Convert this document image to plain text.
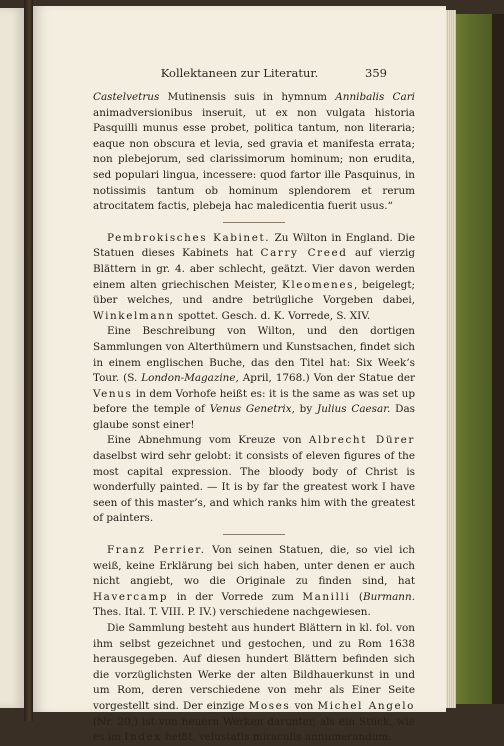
Kollektaneen zur Literatur.	359

Castelvetrus Mutinensis suis in hymnum Annibalis Cari animadversionibus inseruit, ut ex non vulgata historia Pasquilli munus esse probet, politica tantum, non literaria; eaque non obscura et levia, sed gravia et manifesta errata; non plebejorum, sed clarissimorum hominum; non erudita, sed populari lingua, incessere: quod fartor ille Pasquinus, in notissimis tantum ob hominum splendorem et rerum atrocitatem factis, plebeja hac maledicentia fuerit usus.“

Pembrokisches Kabinet. Zu Wilton in England. Die Statuen dieses Kabinets hat Carry Creed auf vierzig Blättern in gr. 4. aber schlecht, geätzt. Vier davon werden einem alten griechischen Meister, Kleomenes, beigelegt; über welches, und andre betrügliche Vorgeben dabei, Winkelmann spottet. Gesch. d. K. Vorrede, S. XIV.

Eine Beschreibung von Wilton, und den dortigen Sammlungen von Alterthümern und Kunstsachen, findet sich in einem englischen Buche, das den Titel hat: Six Week’s Tour. (S. London-Magazine, April, 1768.) Von der Statue der Venus in dem Vorhofe heißt es: it is the same as was set up before the temple of Venus Genetrix, by Julius Caesar. Das glaube sonst einer!

Eine Abnehmung vom Kreuze von Albrecht Dürer daselbst wird sehr gelobt: it consists of eleven figures of the most capital expression. The bloody body of Christ is wonderfully painted. — It is by far the greatest work I have seen of this master’s, and which ranks him with the greatest of painters.

Franz Perrier. Von seinen Statuen, die, so viel ich weiß, keine Erklärung bei sich haben, unter denen er auch nicht angiebt, wo die Originale zu finden sind, hat Havercamp in der Vorrede zum Manilli (Burmann. Thes. Ital. T. VIII. P. IV.) verschiedene nachgewiesen.

Die Sammlung besteht aus hundert Blättern in kl. fol. von ihm selbst gezeichnet und gestochen, und zu Rom 1638 herausgegeben. Auf diesen hundert Blättern befinden sich die vorzüglichsten Werke der alten Bildhauerkunst in und um Rom, deren verschiedene von mehr als Einer Seite vorgestellt sind. Der einzige Moses von Michel Angelo (Nr. 20.) ist von neuern Werken darunter, als ein Stück, wie es im Index heißt, velustatis miraculis annumerandum.
